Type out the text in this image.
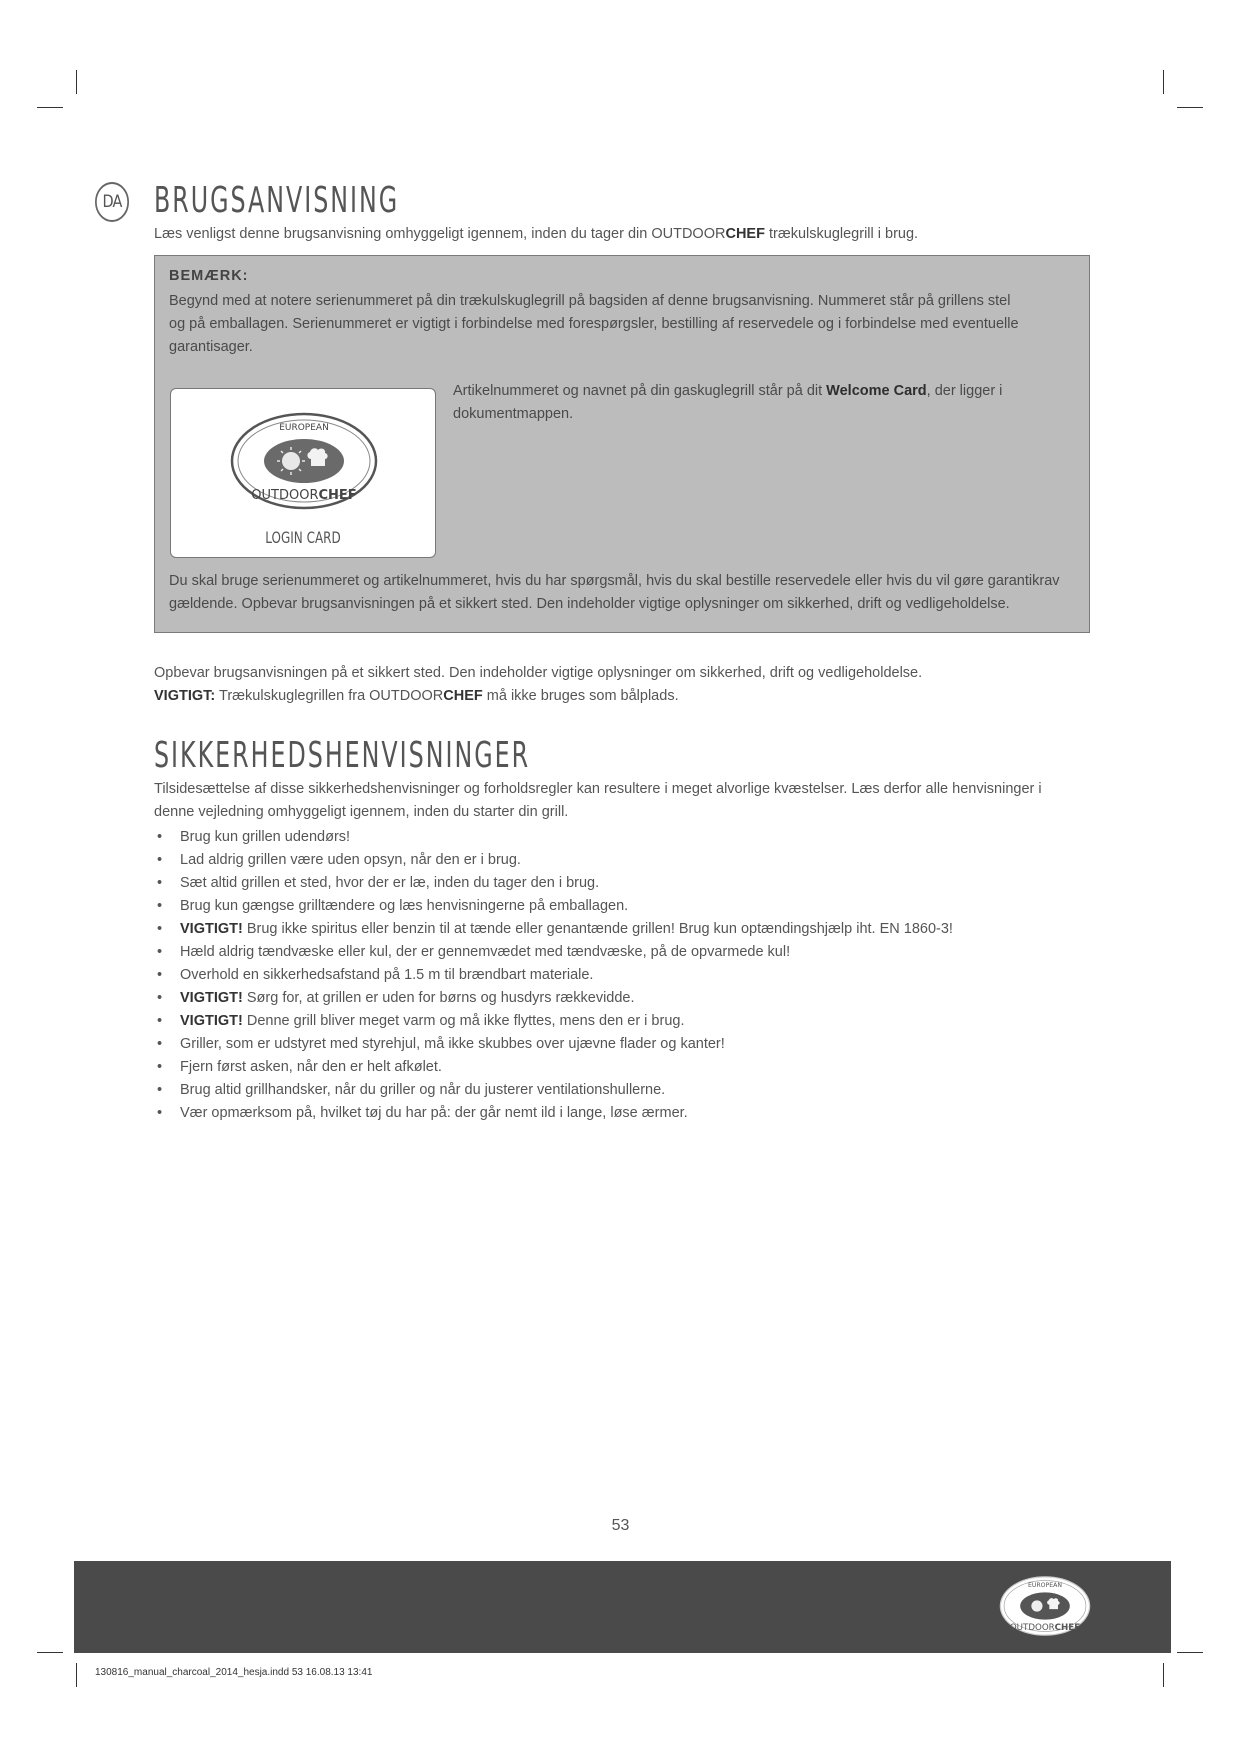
DA BRUGSANVISNING

Læs venligst denne brugsanvisning omhyggeligt igennem, inden du tager din OUTDOORCHEF trækulskuglegrill i brug.

BEMÆRK:

Begynd med at notere serienummeret på din trækulskuglegrill på bagsiden af denne brugsanvisning. Nummeret står på grillens stel
og på emballagen. Serienummeret er vigtigt i forbindelse med forespørgsler, bestilling af reservedele og i forbindelse med eventuelle
garantisager.

Artikelnummeret og navnet på din gaskuglegrill står på dit Welcome Card, der ligger i
dokumentmappen.

EUROPEAN
OUTDOORCHEF
LOGIN CARD

Du skal bruge serienummeret og artikelnummeret, hvis du har spørgsmål, hvis du skal bestille reservedele eller hvis du vil gøre garantikrav
gældende. Opbevar brugsanvisningen på et sikkert sted. Den indeholder vigtige oplysninger om sikkerhed, drift og vedligeholdelse.

Opbevar brugsanvisningen på et sikkert sted. Den indeholder vigtige oplysninger om sikkerhed, drift og vedligeholdelse.
VIGTIGT: Trækulskuglegrillen fra OUTDOORCHEF må ikke bruges som bålplads.

SIKKERHEDSHENVISNINGER

Tilsidesættelse af disse sikkerhedshenvisninger og forholdsregler kan resultere i meget alvorlige kvæstelser. Læs derfor alle henvisninger i
denne vejledning omhyggeligt igennem, inden du starter din grill.

• Brug kun grillen udendørs!
• Lad aldrig grillen være uden opsyn, når den er i brug.
• Sæt altid grillen et sted, hvor der er læ, inden du tager den i brug.
• Brug kun gængse grilltændere og læs henvisningerne på emballagen.
• VIGTIGT! Brug ikke spiritus eller benzin til at tænde eller genantænde grillen! Brug kun optændingshjælp iht. EN 1860-3!
• Hæld aldrig tændvæske eller kul, der er gennemvædet med tændvæske, på de opvarmede kul!
• Overhold en sikkerhedsafstand på 1.5 m til brændbart materiale.
• VIGTIGT! Sørg for, at grillen er uden for børns og husdyrs rækkevidde.
• VIGTIGT! Denne grill bliver meget varm og må ikke flyttes, mens den er i brug.
• Griller, som er udstyret med styrehjul, må ikke skubbes over ujævne flader og kanter!
• Fjern først asken, når den er helt afkølet.
• Brug altid grillhandsker, når du griller og når du justerer ventilationshullerne.
• Vær opmærksom på, hvilket tøj du har på: der går nemt ild i lange, løse ærmer.
53
EUROPEAN
OUTDOORCHEF
130816_manual_charcoal_2014_hesja.indd 53 16.08.13 13:41
